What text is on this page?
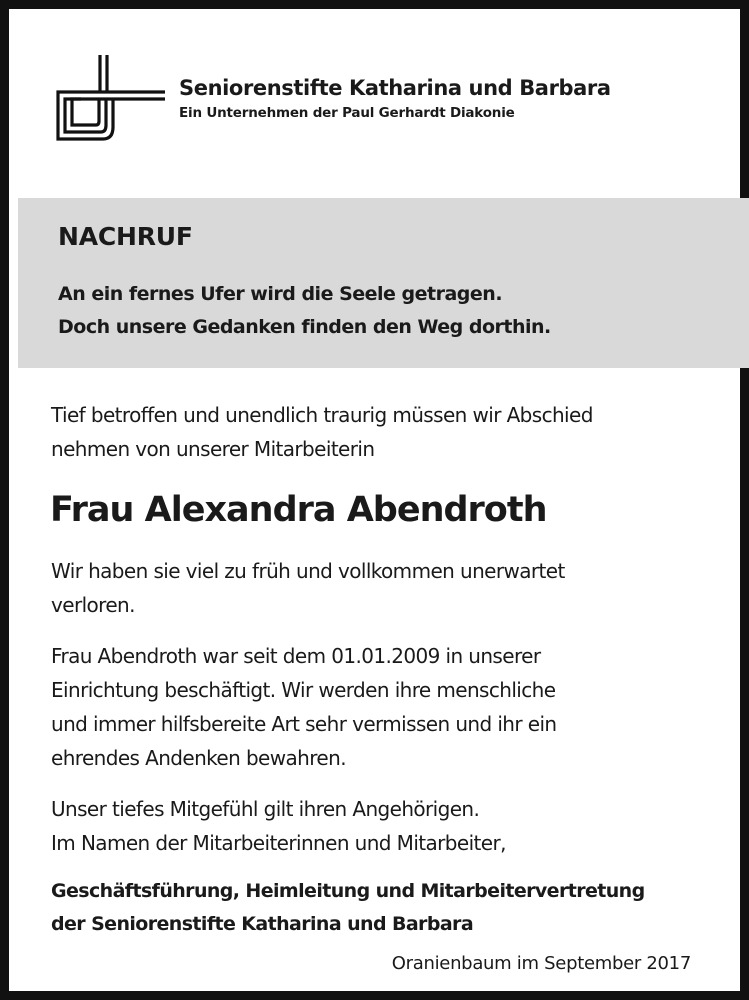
Seniorenstifte Katharina und Barbara
Ein Unternehmen der Paul Gerhardt Diakonie
NACHRUF
An ein fernes Ufer wird die Seele getragen.
Doch unsere Gedanken finden den Weg dorthin.
Tief betroffen und unendlich traurig müssen wir Abschied
nehmen von unserer Mitarbeiterin
Frau Alexandra Abendroth
Wir haben sie viel zu früh und vollkommen unerwartet
verloren.
Frau Abendroth war seit dem 01.01.2009 in unserer
Einrichtung beschäftigt. Wir werden ihre menschliche
und immer hilfsbereite Art sehr vermissen und ihr ein
ehrendes Andenken bewahren.
Unser tiefes Mitgefühl gilt ihren Angehörigen.
Im Namen der Mitarbeiterinnen und Mitarbeiter,
Geschäftsführung, Heimleitung und Mitarbeitervertretung
der Seniorenstifte Katharina und Barbara
Oranienbaum im September 2017
